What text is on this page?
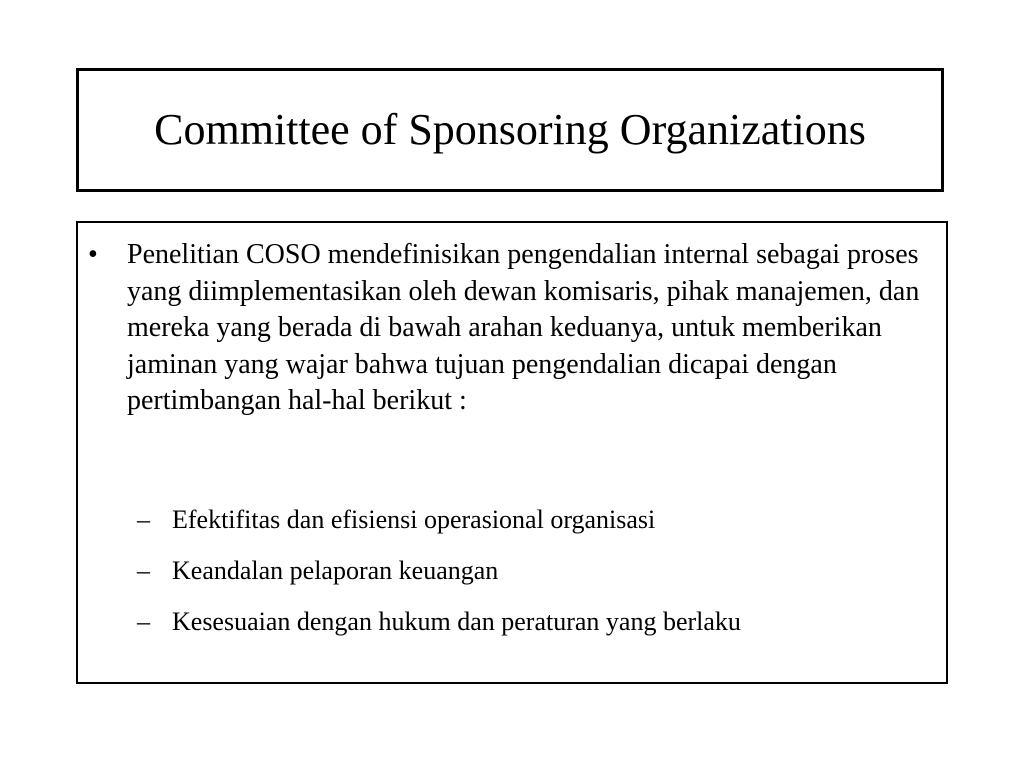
Committee of Sponsoring Organizations
•	Penelitian COSO mendefinisikan pengendalian internal sebagai proses yang diimplementasikan oleh dewan komisaris, pihak manajemen, dan mereka yang berada di bawah arahan keduanya, untuk memberikan jaminan yang wajar bahwa tujuan pengendalian dicapai dengan pertimbangan hal-hal berikut :
– Efektifitas dan efisiensi operasional organisasi
– Keandalan pelaporan keuangan
– Kesesuaian dengan hukum dan peraturan yang berlaku
